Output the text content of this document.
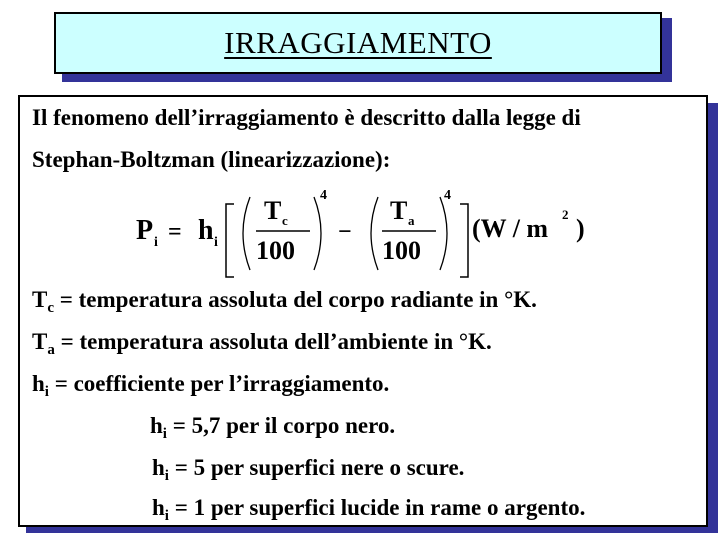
IRRAGGIAMENTO
Il fenomeno dell’irraggiamento è descritto dalla legge di
Stephan-Boltzman (linearizzazione):
P i = h i
T c
100
4
−
T a
100
4
(W / m 2 )
$T_c$ = temperatura assoluta del corpo radiante in °K.
$T_a$ = temperatura assoluta dell’ambiente in °K.
$h_i$ = coefficiente per l’irraggiamento.
$h_i = 5,7$ per il corpo nero.
$h_i = 5$ per superfici nere o scure.
$h_i = 1$ per superfici lucide in rame o argento.
